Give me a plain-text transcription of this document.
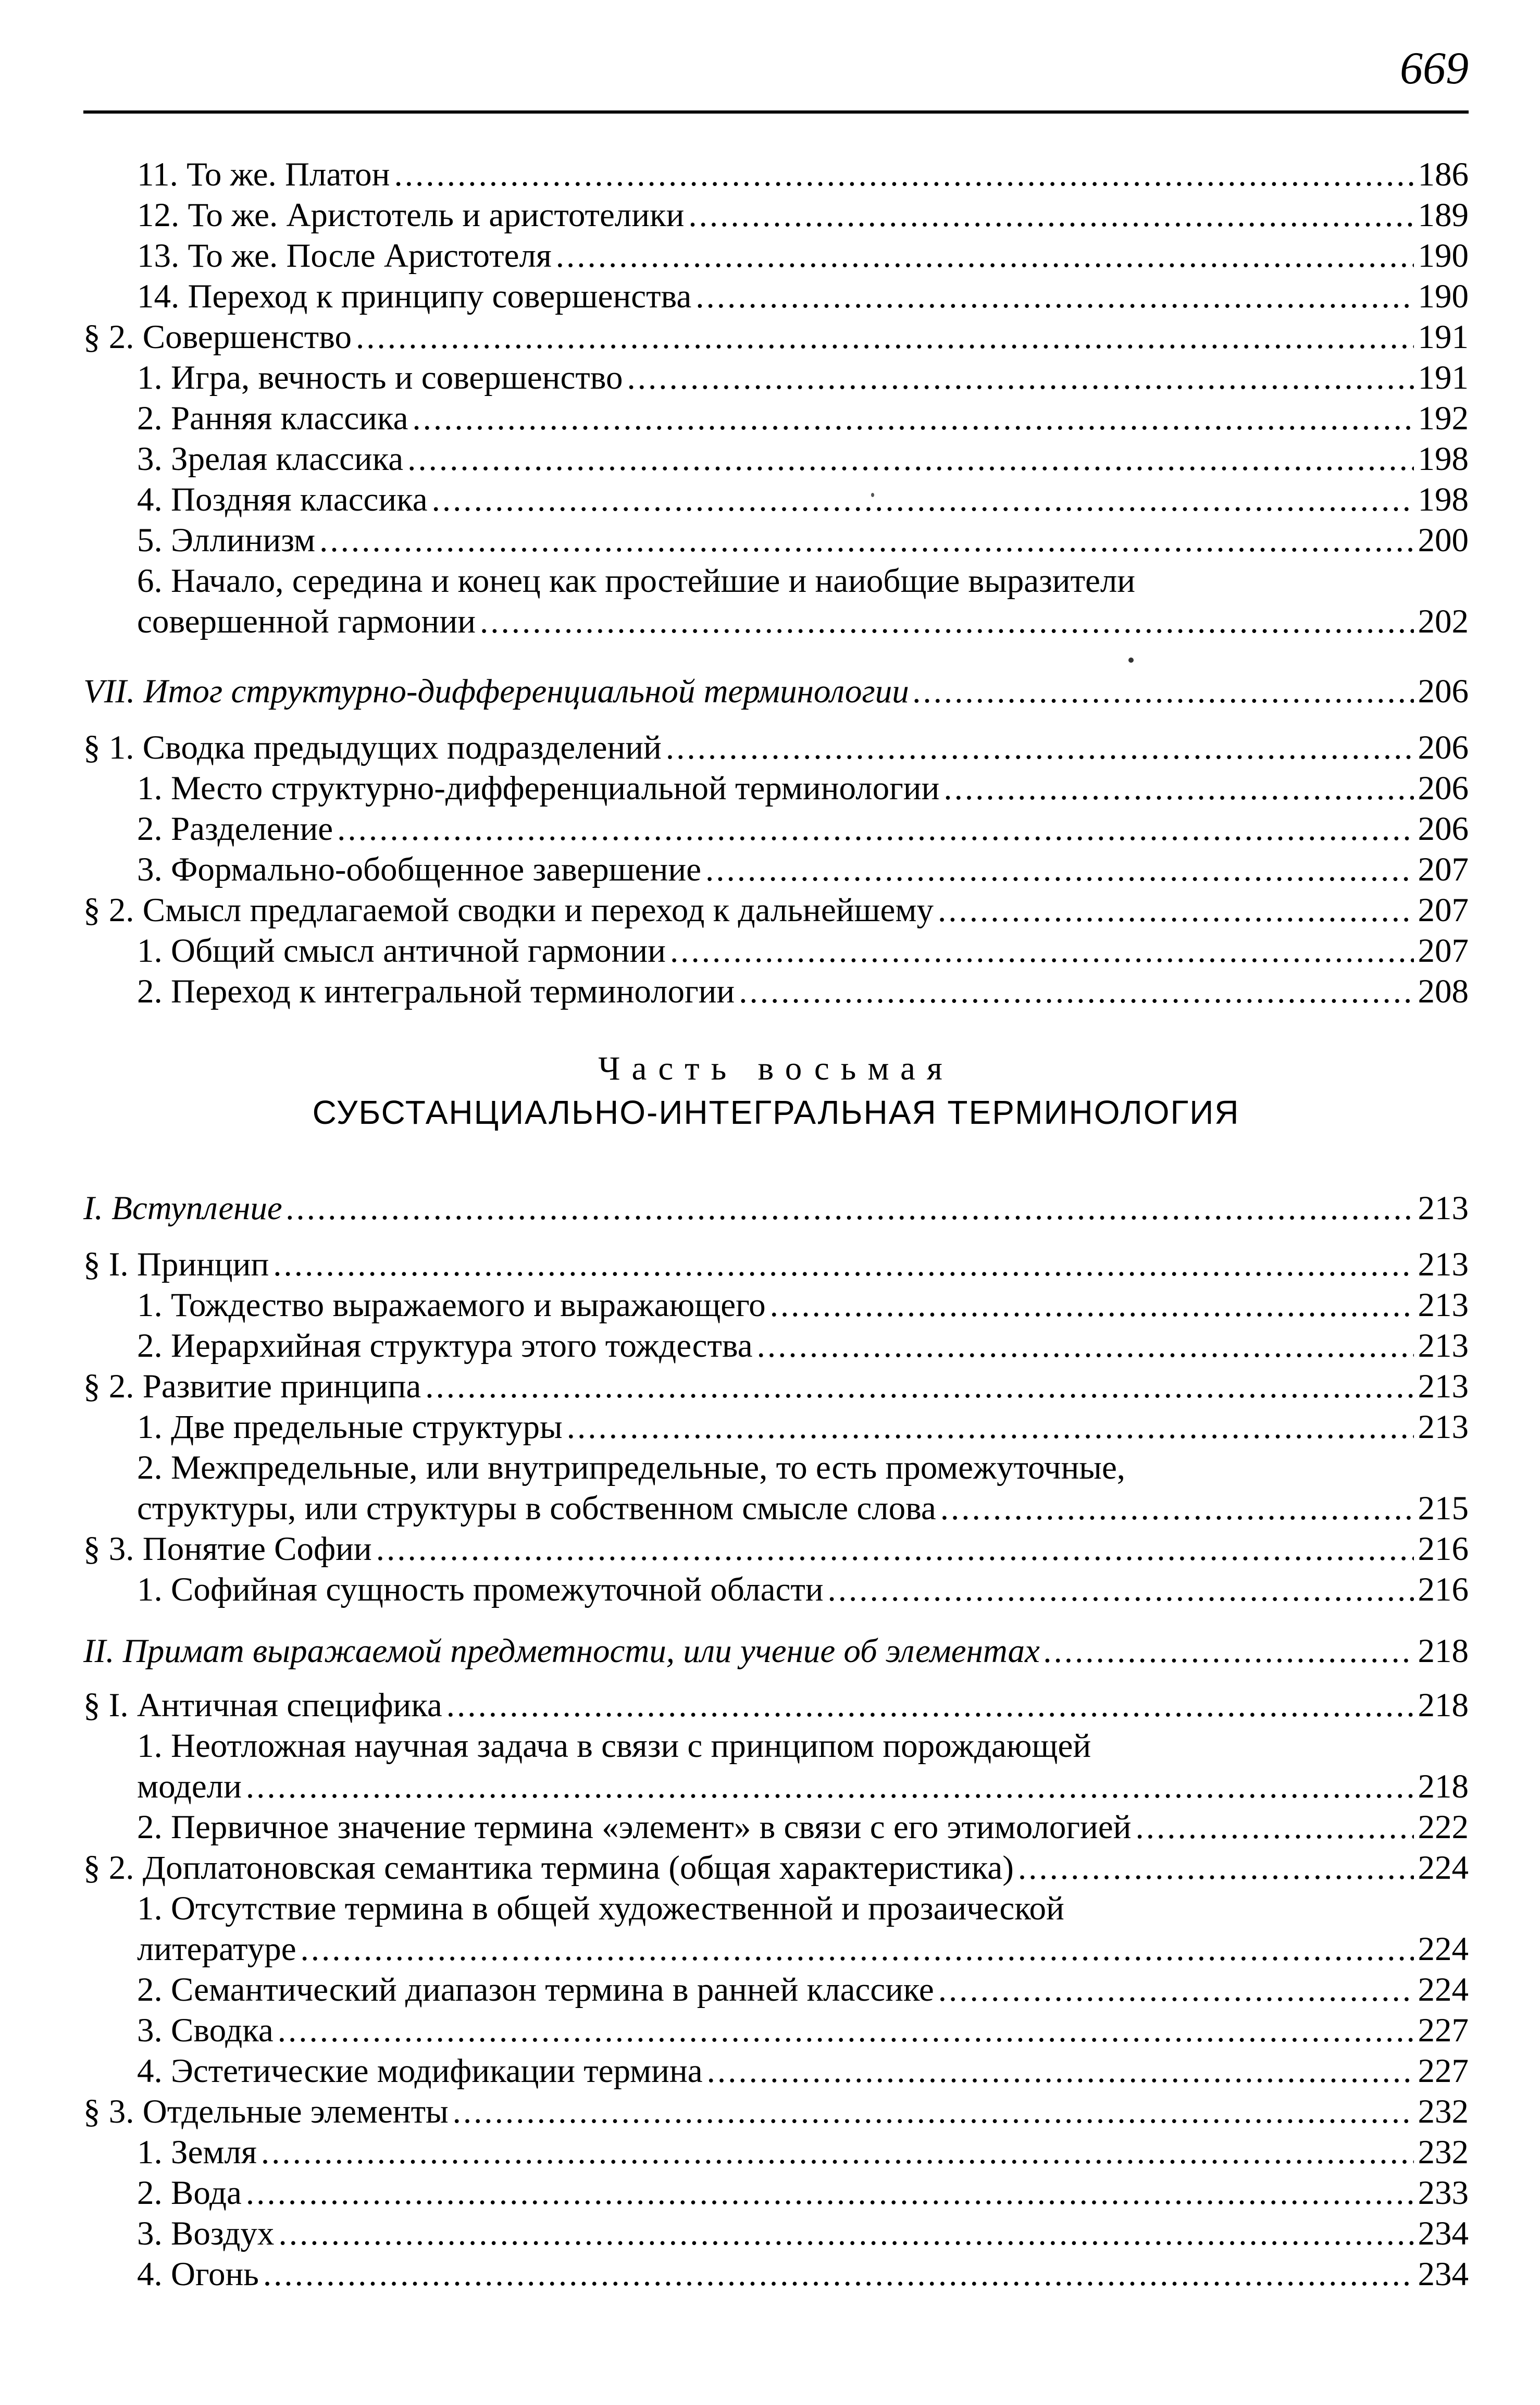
669
11. То же. Платон .....	186
12. То же. Аристотель и аристотелики .....	189
13. То же. После Аристотеля .....	190
14. Переход к принципу совершенства .....	190
§ 2. Совершенство .....	191
1. Игра, вечность и совершенство .....	191
2. Ранняя классика .....	192
3. Зрелая классика .....	198
4. Поздняя классика .....	198
5. Эллинизм .....	200
6. Начало, середина и конец как простейшие и наиобщие выразители
совершенной гармонии .....	202
VII. Итог структурно-дифференциальной терминологии .....	206
§ 1. Сводка предыдущих подразделений .....	206
1. Место структурно-дифференциальной терминологии .....	206
2. Разделение .....	206
3. Формально-обобщенное завершение .....	207
§ 2. Смысл предлагаемой сводки и переход к дальнейшему .....	207
1. Общий смысл античной гармонии .....	207
2. Переход к интегральной терминологии .....	208
Часть восьмая
СУБСТАНЦИАЛЬНО-ИНТЕГРАЛЬНАЯ ТЕРМИНОЛОГИЯ
I. Вступление .....	213
§ I. Принцип .....	213
1. Тождество выражаемого и выражающего .....	213
2. Иерархийная структура этого тождества .....	213
§ 2. Развитие принципа .....	213
1. Две предельные структуры .....	213
2. Межпредельные, или внутрипредельные, то есть промежуточные,
структуры, или структуры в собственном смысле слова .....	215
§ 3. Понятие Софии .....	216
1. Софийная сущность промежуточной области .....	216
II. Примат выражаемой предметности, или учение об элементах .....	218
§ I. Античная специфика .....	218
1. Неотложная научная задача в связи с принципом порождающей
модели .....	218
2. Первичное значение термина «элемент» в связи с его этимологией .....	222
§ 2. Доплатоновская семантика термина (общая характеристика) .....	224
1. Отсутствие термина в общей художественной и прозаической
литературе .....	224
2. Семантический диапазон термина в ранней классике .....	224
3. Сводка .....	227
4. Эстетические модификации термина .....	227
§ 3. Отдельные элементы .....	232
1. Земля .....	232
2. Вода .....	233
3. Воздух .....	234
4. Огонь .....	234
